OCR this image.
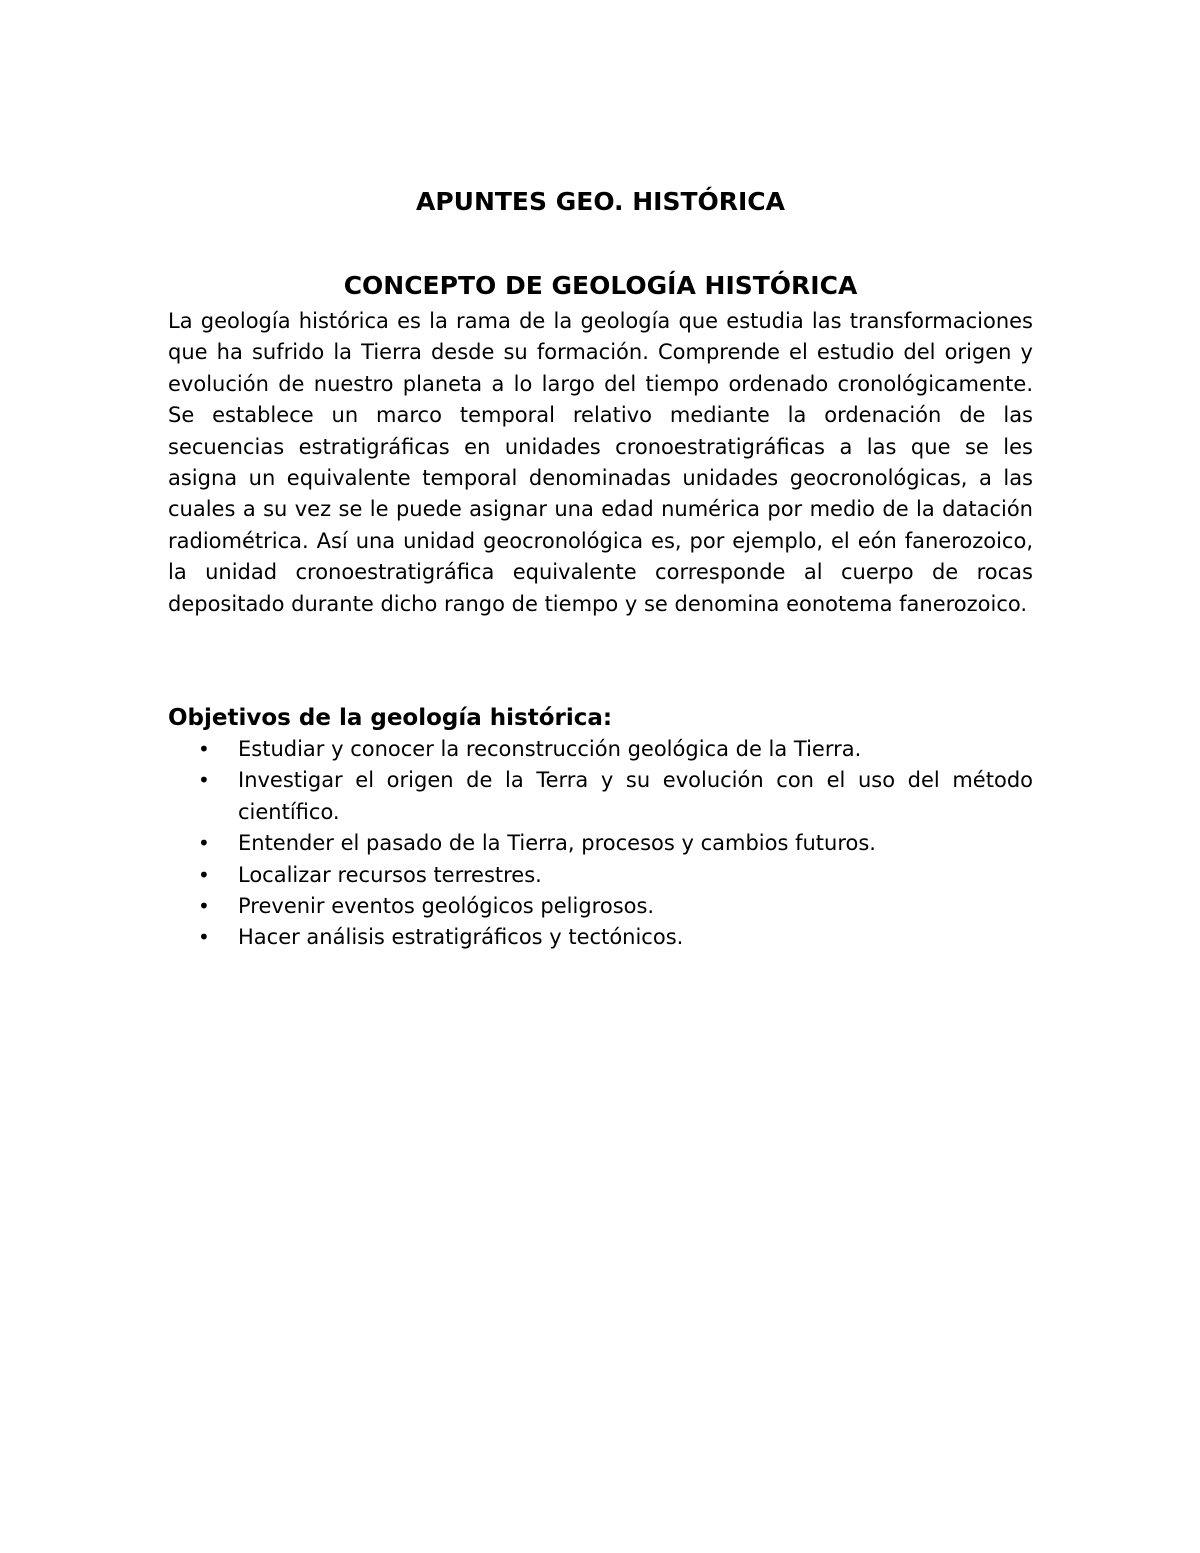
APUNTES GEO. HISTÓRICA
CONCEPTO DE GEOLOGÍA HISTÓRICA

La geología histórica es la rama de la geología que estudia las transformaciones que ha sufrido la Tierra desde su formación. Comprende el estudio del origen y evolución de nuestro planeta a lo largo del tiempo ordenado cronológicamente. Se establece un marco temporal relativo mediante la ordenación de las secuencias estratigráficas en unidades cronoestratigráficas a las que se les asigna un equivalente temporal denominadas unidades geocronológicas, a las cuales a su vez se le puede asignar una edad numérica por medio de la datación radiométrica. Así una unidad geocronológica es, por ejemplo, el eón fanerozoico, la unidad cronoestratigráfica equivalente corresponde al cuerpo de rocas depositado durante dicho rango de tiempo y se denomina eonotema fanerozoico.

Objetivos de la geología histórica:
• Estudiar y conocer la reconstrucción geológica de la Tierra.
• Investigar el origen de la Terra y su evolución con el uso del método científico.
• Entender el pasado de la Tierra, procesos y cambios futuros.
• Localizar recursos terrestres.
• Prevenir eventos geológicos peligrosos.
• Hacer análisis estratigráficos y tectónicos.
